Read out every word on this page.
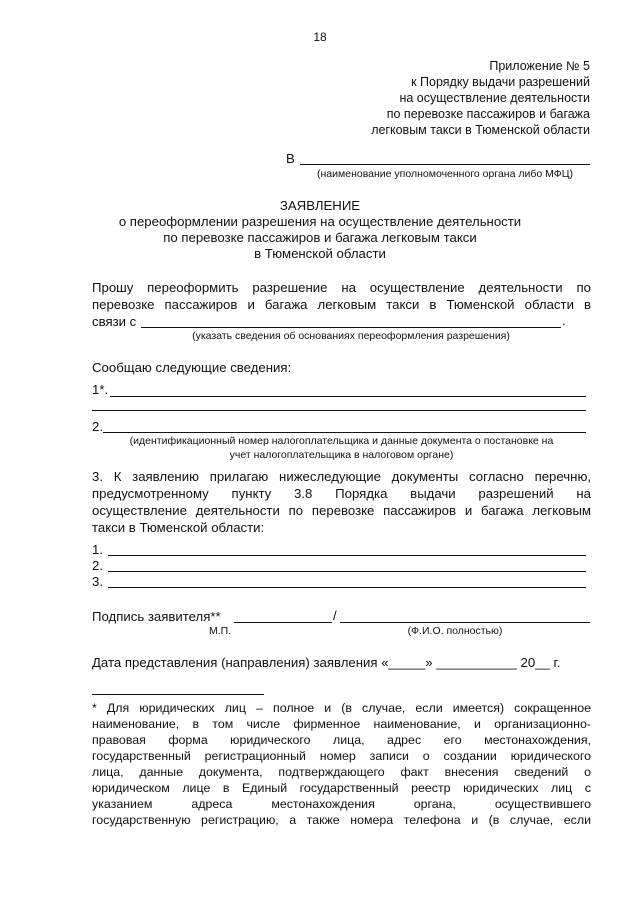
18
Приложение № 5
к Порядку выдачи разрешений
на осуществление деятельности
по перевозке пассажиров и багажа
легковым такси в Тюменской области
В
(наименование уполномоченного органа либо МФЦ)
ЗАЯВЛЕНИЕ
о переоформлении разрешения на осуществление деятельности
по перевозке пассажиров и багажа легковым такси
в Тюменской области
Прошу переоформить разрешение на осуществление деятельности по
перевозке пассажиров и багажа легковым такси в Тюменской области в
связи с	.
(указать сведения об основаниях переоформления разрешения)
Сообщаю следующие сведения:
1*.
2.
(идентификационный номер налогоплательщика и данные документа о постановке на
учет налогоплательщика в налоговом органе)
3. К заявлению прилагаю нижеследующие документы согласно перечню,
предусмотренному пункту 3.8 Порядка выдачи разрешений на
осуществление деятельности по перевозке пассажиров и багажа легковым
такси в Тюменской области:
1.
2.
3.
Подпись заявителя**	/
М.П.	(Ф.И.О. полностью)
Дата представления (направления) заявления «_____» ___________ 20__ г.
* Для юридических лиц – полное и (в случае, если имеется) сокращенное
наименование, в том числе фирменное наименование, и организационно-
правовая форма юридического лица, адрес его местонахождения,
государственный регистрационный номер записи о создании юридического
лица, данные документа, подтверждающего факт внесения сведений о
юридическом лице в Единый государственный реестр юридических лиц с
указанием адреса местонахождения органа, осуществившего
государственную регистрацию, а также номера телефона и (в случае, если
